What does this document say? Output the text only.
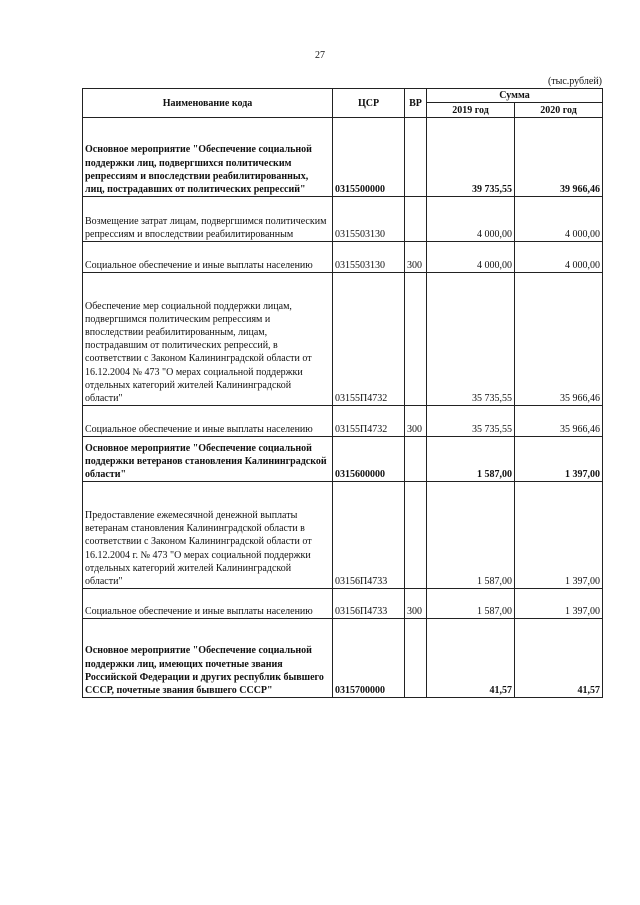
27
(тыс.рублей)
Наименование кода	ЦСР	ВР	Сумма	
			2019 год	2020 год
Основное мероприятие "Обеспечение социальной поддержки лиц, подвергшихся политическим репрессиям и впоследствии реабилитированных, лиц, пострадавших от политических репрессий"	0315500000		39 735,55	39 966,46
Возмещение затрат лицам, подвергшимся политическим репрессиям и впоследствии реабилитированным	0315503130		4 000,00	4 000,00
Социальное обеспечение и иные выплаты населению	0315503130	300	4 000,00	4 000,00
Обеспечение мер социальной поддержки лицам, подвергшимся политическим репрессиям и впоследствии реабилитированным, лицам, пострадавшим от политических репрессий, в соответствии с Законом Калининградской области от 16.12.2004 № 473 "О мерах социальной поддержки отдельных категорий жителей Калининградской области"	03155П4732		35 735,55	35 966,46
Социальное обеспечение и иные выплаты населению	03155П4732	300	35 735,55	35 966,46
Основное мероприятие "Обеспечение социальной поддержки ветеранов становления Калининградской области"	0315600000		1 587,00	1 397,00
Предоставление ежемесячной денежной выплаты ветеранам становления Калининградской области в соответствии с Законом Калининградской области от 16.12.2004 г. № 473 "О мерах социальной поддержки отдельных категорий жителей Калининградской области"	03156П4733		1 587,00	1 397,00
Социальное обеспечение и иные выплаты населению	03156П4733	300	1 587,00	1 397,00
Основное мероприятие "Обеспечение социальной поддержки лиц, имеющих почетные звания Российской Федерации и других республик бывшего СССР, почетные звания бывшего СССР"	0315700000		41,57	41,57
